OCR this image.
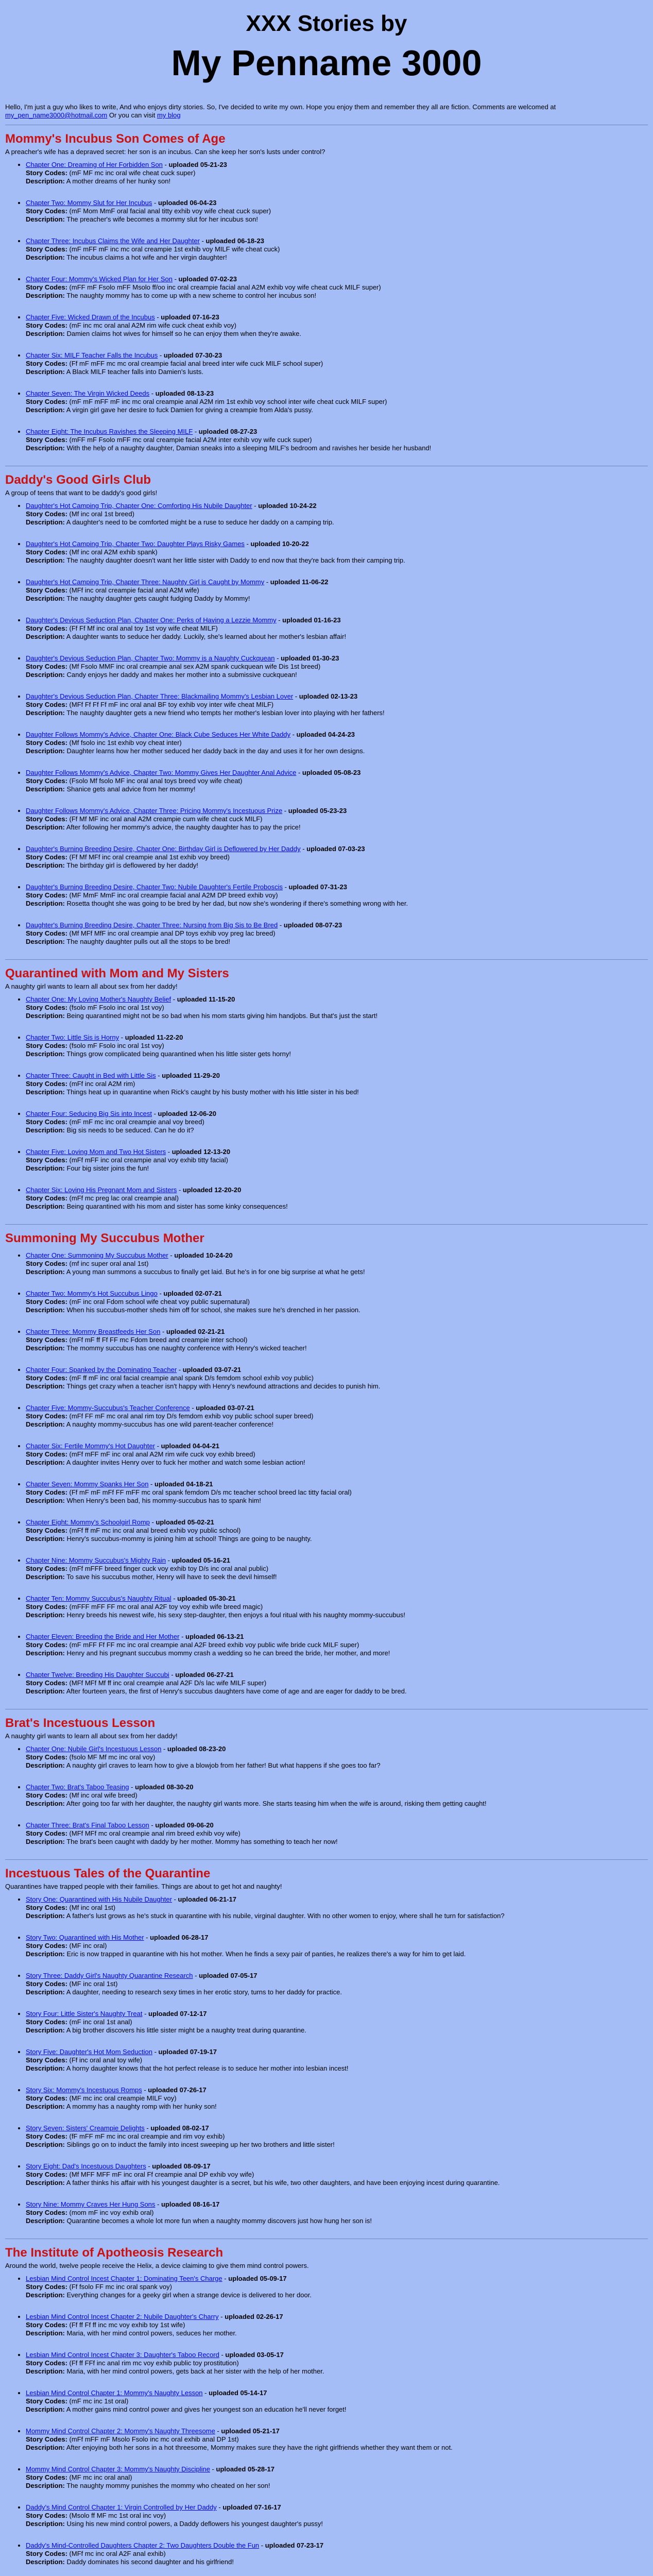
XXX Stories by
My Penname 3000

Hello, I'm just a guy who likes to write, And who enjoys dirty stories. So, I've decided to write my own. Hope you enjoy them and remember they all are fiction. Comments are welcomed at my_pen_name3000@hotmail.com Or you can visit my blog

Mommy's Incubus Son Comes of Age
A preacher's wife has a depraved secret: her son is an incubus. Can she keep her son's lusts under control?
• Chapter One: Dreaming of Her Forbidden Son - uploaded 05-21-23
Story Codes: (mF MF mc inc oral wife cheat cuck super)
Description: A mother dreams of her hunky son!
• Chapter Two: Mommy Slut for Her Incubus - uploaded 06-04-23
Story Codes: (mF Mom MmF oral facial anal titty exhib voy wife cheat cuck super)
Description: The preacher's wife becomes a mommy slut for her incubus son!
• Chapter Three: Incubus Claims the Wife and Her Daughter - uploaded 06-18-23
Story Codes: (mF mFF mF inc mc oral creampie 1st exhib voy MILF wife cheat cuck)
Description: The incubus claims a hot wife and her virgin daughter!
• Chapter Four: Mommy's Wicked Plan for Her Son - uploaded 07-02-23
Story Codes: (mFF mF Fsolo mFF Msolo ff/oo inc oral creampie facial anal A2M exhib voy wife cheat cuck MILF super)
Description: The naughty mommy has to come up with a new scheme to control her incubus son!
• Chapter Five: Wicked Drawn of the Incubus - uploaded 07-16-23
Story Codes: (mF inc mc oral anal A2M rim wife cuck cheat exhib voy)
Description: Damien claims hot wives for himself so he can enjoy them when they're awake.
• Chapter Six: MILF Teacher Falls the Incubus - uploaded 07-30-23
Story Codes: (Ff mF mFF mc mc oral creampie facial anal breed inter wife cuck MILF school super)
Description: A Black MILF teacher falls into Damien's lusts.
• Chapter Seven: The Virgin Wicked Deeds - uploaded 08-13-23
Story Codes: (mF mF mFF mF inc mc oral creampie anal A2M rim 1st exhib voy school inter wife cheat cuck MILF super)
Description: A virgin girl gave her desire to fuck Damien for giving a creampie from Alda's pussy.
• Chapter Eight: The Incubus Ravishes the Sleeping MILF - uploaded 08-27-23
Story Codes: (mFF mF Fsolo mFF mc oral creampie facial A2M inter exhib voy wife cuck super)
Description: With the help of a naughty daughter, Damian sneaks into a sleeping MILF's bedroom and ravishes her beside her husband!
Daddy's Good Girls Club
A group of teens that want to be daddy's good girls!
• Daughter's Hot Camping Trip, Chapter One: Comforting His Nubile Daughter - uploaded 10-24-22
Story Codes: (Mf inc oral 1st breed)
Description: A daughter's need to be comforted might be a ruse to seduce her daddy on a camping trip.
• Daughter's Hot Camping Trip, Chapter Two: Daughter Plays Risky Games - uploaded 10-20-22
Story Codes: (Mf inc oral A2M exhib spank)
Description: The naughty daughter doesn't want her little sister with Daddy to end now that they're back from their camping trip.
• Daughter's Hot Camping Trip, Chapter Three: Naughty Girl is Caught by Mommy - uploaded 11-06-22
Story Codes: (MFf inc oral creampie facial anal A2M wife)
Description: The naughty daughter gets caught fudging Daddy by Mommy!
• Daughter's Devious Seduction Plan, Chapter One: Perks of Having a Lezzie Mommy - uploaded 01-16-23
Story Codes: (Ff Ff Mf inc oral anal toy 1st voy wife cheat MILF)
Description: A daughter wants to seduce her daddy. Luckily, she's learned about her mother's lesbian affair!
• Daughter's Devious Seduction Plan, Chapter Two: Mommy is a Naughty Cuckquean - uploaded 01-30-23
Story Codes: (Mf Fsolo MMF inc oral creampie anal sex A2M spank cuckquean wife Dis 1st breed)
Description: Candy enjoys her daddy and makes her mother into a submissive cuckquean!
• Daughter's Devious Seduction Plan, Chapter Three: Blackmailing Mommy's Lesbian Lover - uploaded 02-13-23
Story Codes: (MFf Ff Ff Ff mF inc oral anal BF toy exhib voy inter wife cheat MILF)
Description: The naughty daughter gets a new friend who tempts her mother's lesbian lover into playing with her fathers!
• Daughter Follows Mommy's Advice, Chapter One: Black Cube Seduces Her White Daddy - uploaded 04-24-23
Story Codes: (Mf fsolo inc 1st exhib voy cheat inter)
Description: Daughter learns how her mother seduced her daddy back in the day and uses it for her own designs.
• Daughter Follows Mommy's Advice, Chapter Two: Mommy Gives Her Daughter Anal Advice - uploaded 05-08-23
Story Codes: (Fsolo Mf fsolo MF inc oral anal toys breed voy wife cheat)
Description: Shanice gets anal advice from her mommy!
• Daughter Follows Mommy's Advice, Chapter Three: Pricing Mommy's Incestuous Prize - uploaded 05-23-23
Story Codes: (Ff Mf MF inc oral anal A2M creampie cum wife cheat cuck MILF)
Description: After following her mommy's advice, the naughty daughter has to pay the price!
• Daughter's Burning Breeding Desire, Chapter One: Birthday Girl is Deflowered by Her Daddy - uploaded 07-03-23
Story Codes: (Ff Mf MFf inc oral creampie anal 1st exhib voy breed)
Description: The birthday girl is deflowered by her daddy!
• Daughter's Burning Breeding Desire, Chapter Two: Nubile Daughter's Fertile Proboscis - uploaded 07-31-23
Story Codes: (MF MmF MmF inc oral creampie facial anal A2M DP breed exhib voy)
Description: Rosetta thought she was going to be bred by her dad, but now she's wondering if there's something wrong with her.
• Daughter's Burning Breeding Desire, Chapter Three: Nursing from Big Sis to Be Bred - uploaded 08-07-23
Story Codes: (Mf MFf MfF inc oral creampie anal DP toys exhib voy preg lac breed)
Description: The naughty daughter pulls out all the stops to be bred!
Quarantined with Mom and My Sisters
A naughty girl wants to learn all about sex from her daddy!
• Chapter One: My Loving Mother's Naughty Belief - uploaded 11-15-20
Story Codes: (fsolo mF Fsolo inc oral 1st voy)
Description: Being quarantined might not be so bad when his mom starts giving him handjobs. But that's just the start!
• Chapter Two: Little Sis is Horny - uploaded 11-22-20
Story Codes: (fsolo mF Fsolo inc oral 1st voy)
Description: Things grow complicated being quarantined when his little sister gets horny!
• Chapter Three: Caught in Bed with Little Sis - uploaded 11-29-20
Story Codes: (mFf inc oral A2M rim)
Description: Things heat up in quarantine when Rick's caught by his busty mother with his little sister in his bed!
• Chapter Four: Seducing Big Sis into Incest - uploaded 12-06-20
Story Codes: (mF mF mc inc oral creampie anal voy breed)
Description: Big sis needs to be seduced. Can he do it?
• Chapter Five: Loving Mom and Two Hot Sisters - uploaded 12-13-20
Story Codes: (mFf mFF inc oral creampie anal voy exhib titty facial)
Description: Four big sister joins the fun!
• Chapter Six: Loving His Pregnant Mom and Sisters - uploaded 12-20-20
Story Codes: (mFf mc preg lac oral creampie anal)
Description: Being quarantined with his mom and sister has some kinky consequences!
Summoning My Succubus Mother
• Chapter One: Summoning My Succubus Mother - uploaded 10-24-20
Story Codes: (mf inc super oral anal 1st)
Description: A young man summons a succubus to finally get laid. But he's in for one big surprise at what he gets!
• Chapter Two: Mommy's Hot Succubus Lingo - uploaded 02-07-21
Story Codes: (mF inc oral Fdom school wife cheat voy public supernatural)
Description: When his succubus-mother sheds him off for school, she makes sure he's drenched in her passion.
• Chapter Three: Mommy Breastfeeds Her Son - uploaded 02-21-21
Story Codes: (mFf mF ff Ff FF mc Fdom breed and creampie inter school)
Description: The mommy succubus has one naughty conference with Henry's wicked teacher!
• Chapter Four: Spanked by the Dominating Teacher - uploaded 03-07-21
Story Codes: (mF ff mF inc oral facial creampie anal spank D/s femdom school exhib voy public)
Description: Things get crazy when a teacher isn't happy with Henry's newfound attractions and decides to punish him.
• Chapter Five: Mommy-Succubus's Teacher Conference - uploaded 03-07-21
Story Codes: (mFf FF mF mc oral anal rim toy D/s femdom exhib voy public school super breed)
Description: A naughty mommy-succubus has one wild parent-teacher conference!
• Chapter Six: Fertile Mommy's Hot Daughter - uploaded 04-04-21
Story Codes: (mFf mFF mF inc oral anal A2M rim wife cuck voy exhib breed)
Description: A daughter invites Henry over to fuck her mother and watch some lesbian action!
• Chapter Seven: Mommy Spanks Her Son - uploaded 04-18-21
Story Codes: (Ff mF mF mFf FF mFF mc oral spank femdom D/s mc teacher school breed lac titty facial oral)
Description: When Henry's been bad, his mommy-succubus has to spank him!
• Chapter Eight: Mommy's Schoolgirl Romp - uploaded 05-02-21
Story Codes: (mFf ff mF mc inc oral anal breed exhib voy public school)
Description: Henry's succubus-mommy is joining him at school! Things are going to be naughty.
• Chapter Nine: Mommy Succubus's Mighty Rain - uploaded 05-16-21
Story Codes: (mFf mFFF breed finger cuck voy exhib toy D/s inc oral anal public)
Description: To save his succubus mother, Henry will have to seek the devil himself!
• Chapter Ten: Mommy Succubus's Naughty Ritual - uploaded 05-30-21
Story Codes: (mFFF mFF FF mc oral anal A2F toy voy exhib wife breed magic)
Description: Henry breeds his newest wife, his sexy step-daughter, then enjoys a foul ritual with his naughty mommy-succubus!
• Chapter Eleven: Breeding the Bride and Her Mother - uploaded 06-13-21
Story Codes: (mF mFF Ff FF mc inc oral creampie anal A2F breed exhib voy public wife bride cuck MILF super)
Description: Henry and his pregnant succubus mommy crash a wedding so he can breed the bride, her mother, and more!
• Chapter Twelve: Breeding His Daughter Succubi - uploaded 06-27-21
Story Codes: (MFf MFf Mf ff inc oral creampie anal A2F D/s lac wife MILF super)
Description: After fourteen years, the first of Henry's succubus daughters have come of age and are eager for daddy to be bred.
Brat's Incestuous Lesson
A naughty girl wants to learn all about sex from her daddy!
• Chapter One: Nubile Girl's Incestuous Lesson - uploaded 08-23-20
Story Codes: (fsolo MF Mf mc inc oral voy)
Description: A naughty girl craves to learn how to give a blowjob from her father! But what happens if she goes too far?
• Chapter Two: Brat's Taboo Teasing - uploaded 08-30-20
Story Codes: (Mf inc oral wife breed)
Description: After going too far with her daughter, the naughty girl wants more. She starts teasing him when the wife is around, risking them getting caught!
• Chapter Three: Brat's Final Taboo Lesson - uploaded 09-06-20
Story Codes: (MFf MFf mc oral creampie anal rim breed exhib voy wife)
Description: The brat's been caught with daddy by her mother. Mommy has something to teach her now!
Incestuous Tales of the Quarantine
Quarantines have trapped people with their families. Things are about to get hot and naughty!
• Story One: Quarantined with His Nubile Daughter - uploaded 06-21-17
Story Codes: (Mf inc oral 1st)
Description: A father's lust grows as he's stuck in quarantine with his nubile, virginal daughter. With no other women to enjoy, where shall he turn for satisfaction?
• Story Two: Quarantined with His Mother - uploaded 06-28-17
Story Codes: (MF inc oral)
Description: Eric is now trapped in quarantine with his hot mother. When he finds a sexy pair of panties, he realizes there's a way for him to get laid.
• Story Three: Daddy Girl's Naughty Quarantine Research - uploaded 07-05-17
Story Codes: (MF inc oral 1st)
Description: A daughter, needing to research sexy times in her erotic story, turns to her daddy for practice.
• Story Four: Little Sister's Naughty Treat - uploaded 07-12-17
Story Codes: (mF inc oral 1st anal)
Description: A big brother discovers his little sister might be a naughty treat during quarantine.
• Story Five: Daughter's Hot Mom Seduction - uploaded 07-19-17
Story Codes: (Ff inc oral anal toy wife)
Description: A horny daughter knows that the hot perfect release is to seduce her mother into lesbian incest!
• Story Six: Mommy's Incestuous Romps - uploaded 07-26-17
Story Codes: (MF mc inc oral creampie MILF voy)
Description: A mommy has a naughty romp with her hunky son!
• Story Seven: Sisters' Creampie Delights - uploaded 08-02-17
Story Codes: (fF mFF mF mc inc oral creampie and rim voy exhib)
Description: Siblings go on to induct the family into incest sweeping up her two brothers and little sister!
• Story Eight: Dad's Incestuous Daughters - uploaded 08-09-17
Story Codes: (Mf MFF MFF mF inc oral Ff creampie anal DP exhib voy wife)
Description: A father thinks his affair with his youngest daughter is a secret, but his wife, two other daughters, and have been enjoying incest during quarantine.
• Story Nine: Mommy Craves Her Hung Sons - uploaded 08-16-17
Story Codes: (mom mF inc voy exhib oral)
Description: Quarantine becomes a whole lot more fun when a naughty mommy discovers just how hung her son is!
The Institute of Apotheosis Research
Around the world, twelve people receive the Helix, a device claiming to give them mind control powers.
• Lesbian Mind Control Incest Chapter 1: Dominating Teen's Charge - uploaded 05-09-17
Story Codes: (Ff fsolo FF mc inc oral spank voy)
Description: Everything changes for a geeky girl when a strange device is delivered to her door.
• Lesbian Mind Control Incest Chapter 2: Nubile Daughter's Charry - uploaded 02-26-17
Story Codes: (Ff ff Ff ff inc mc voy exhib toy 1st wife)
Description: Maria, with her mind control powers, seduces her mother.
• Lesbian Mind Control Incest Chapter 3: Daughter's Taboo Record - uploaded 03-05-17
Story Codes: (Ff ff FFf inc anal rim mc voy exhib public toy prostitution)
Description: Maria, with her mind control powers, gets back at her sister with the help of her mother.
• Lesbian Mind Control Chapter 1: Mommy's Naughty Lesson - uploaded 05-14-17
Story Codes: (mF mc inc 1st oral)
Description: A mother gains mind control power and gives her youngest son an education he'll never forget!
• Mommy Mind Control Chapter 2: Mommy's Naughty Threesome - uploaded 05-21-17
Story Codes: (mFf mFF mF Msolo Fsolo inc mc oral exhib anal DP 1st)
Description: After enjoying both her sons in a hot threesome, Mommy makes sure they have the right girlfriends whether they want them or not.
• Mommy Mind Control Chapter 3: Mommy's Naughty Discipline - uploaded 05-28-17
Story Codes: (MF mc inc oral anal)
Description: The naughty mommy punishes the mommy who cheated on her son!
• Daddy's Mind Control Chapter 1: Virgin Controlled by Her Daddy - uploaded 07-16-17
Story Codes: (Msolo ff MF mc 1st oral inc voy)
Description: Using his new mind control powers, a Daddy deflowers his youngest daughter's pussy!
• Daddy's Mind-Controlled Daughters Chapter 2: Two Daughters Double the Fun - uploaded 07-23-17
Story Codes: (MFf mc inc oral A2F anal exhib)
Description: Daddy dominates his second daughter and his girlfriend!
